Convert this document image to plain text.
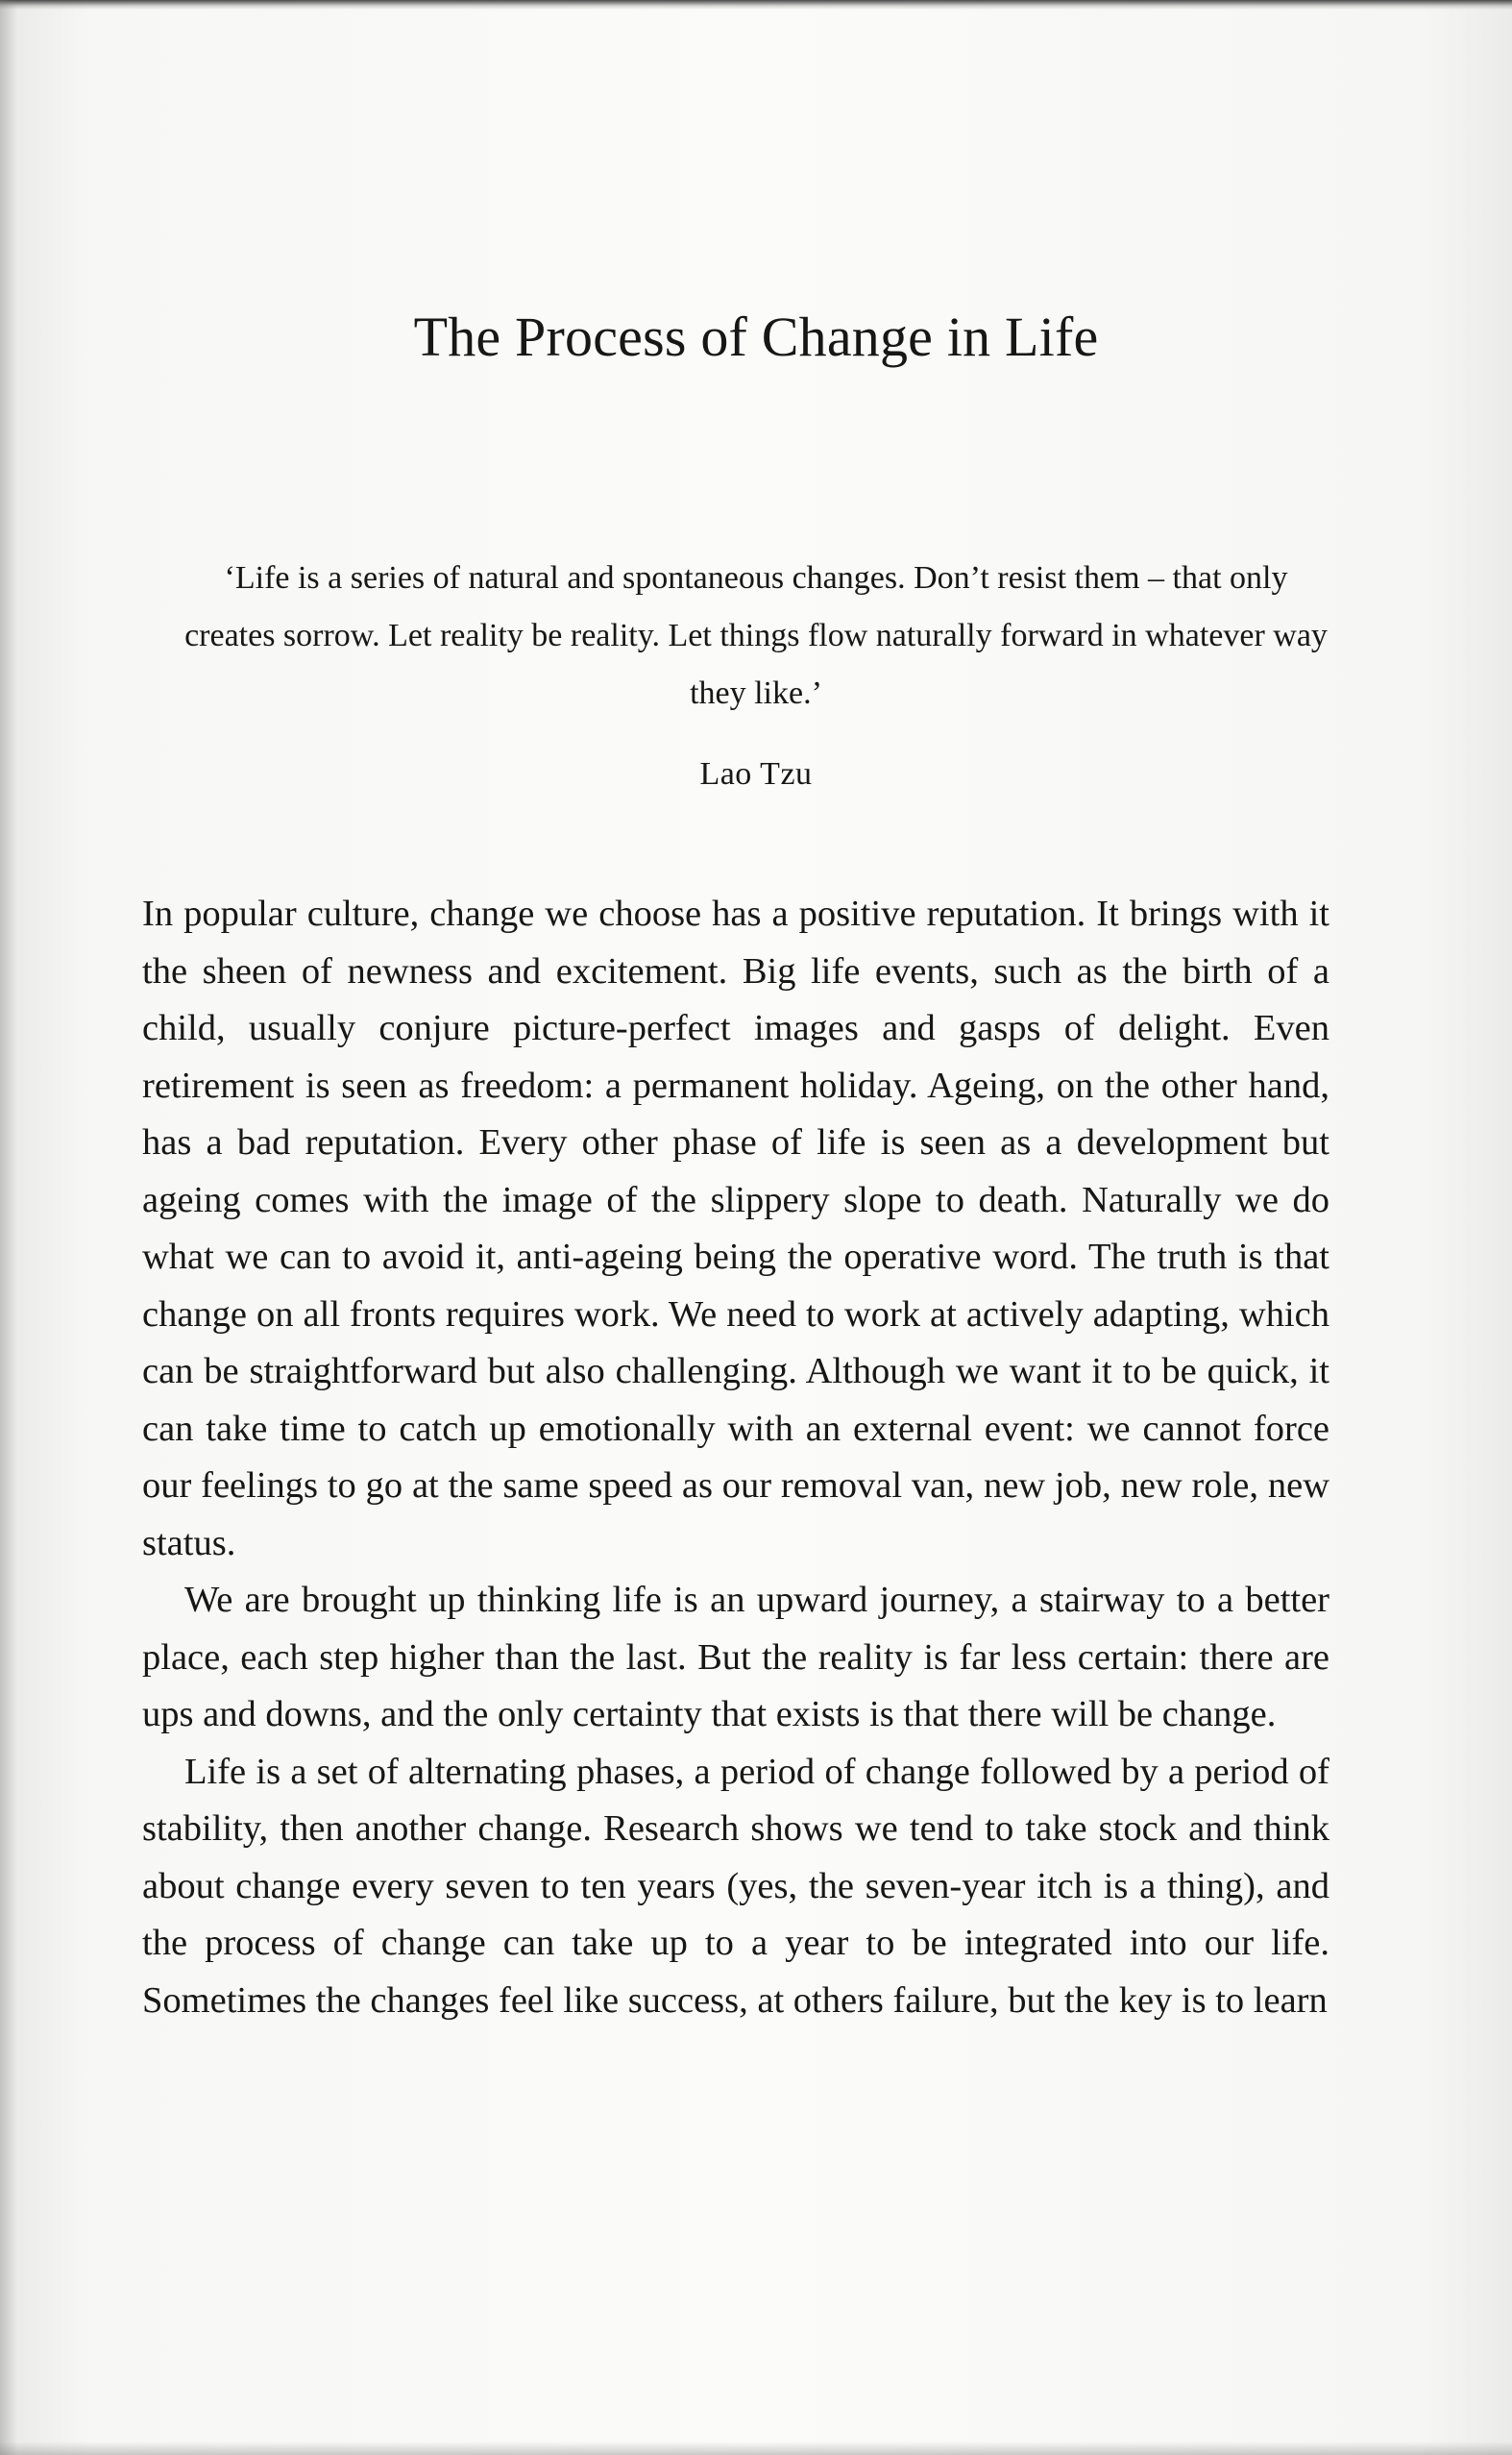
The Process of Change in Life

‘Life is a series of natural and spontaneous changes. Don’t resist them – that only creates sorrow. Let reality be reality. Let things flow naturally forward in whatever way they like.’

Lao Tzu

In popular culture, change we choose has a positive reputation. It brings with it the sheen of newness and excitement. Big life events, such as the birth of a child, usually conjure picture-perfect images and gasps of delight. Even retirement is seen as freedom: a permanent holiday. Ageing, on the other hand, has a bad reputation. Every other phase of life is seen as a development but ageing comes with the image of the slippery slope to death. Naturally we do what we can to avoid it, anti-ageing being the operative word. The truth is that change on all fronts requires work. We need to work at actively adapting, which can be straightforward but also challenging. Although we want it to be quick, it can take time to catch up emotionally with an external event: we cannot force our feelings to go at the same speed as our removal van, new job, new role, new status.

We are brought up thinking life is an upward journey, a stairway to a better place, each step higher than the last. But the reality is far less certain: there are ups and downs, and the only certainty that exists is that there will be change.

Life is a set of alternating phases, a period of change followed by a period of stability, then another change. Research shows we tend to take stock and think about change every seven to ten years (yes, the seven-year itch is a thing), and the process of change can take up to a year to be integrated into our life. Sometimes the changes feel like success, at others failure, but the key is to learn
